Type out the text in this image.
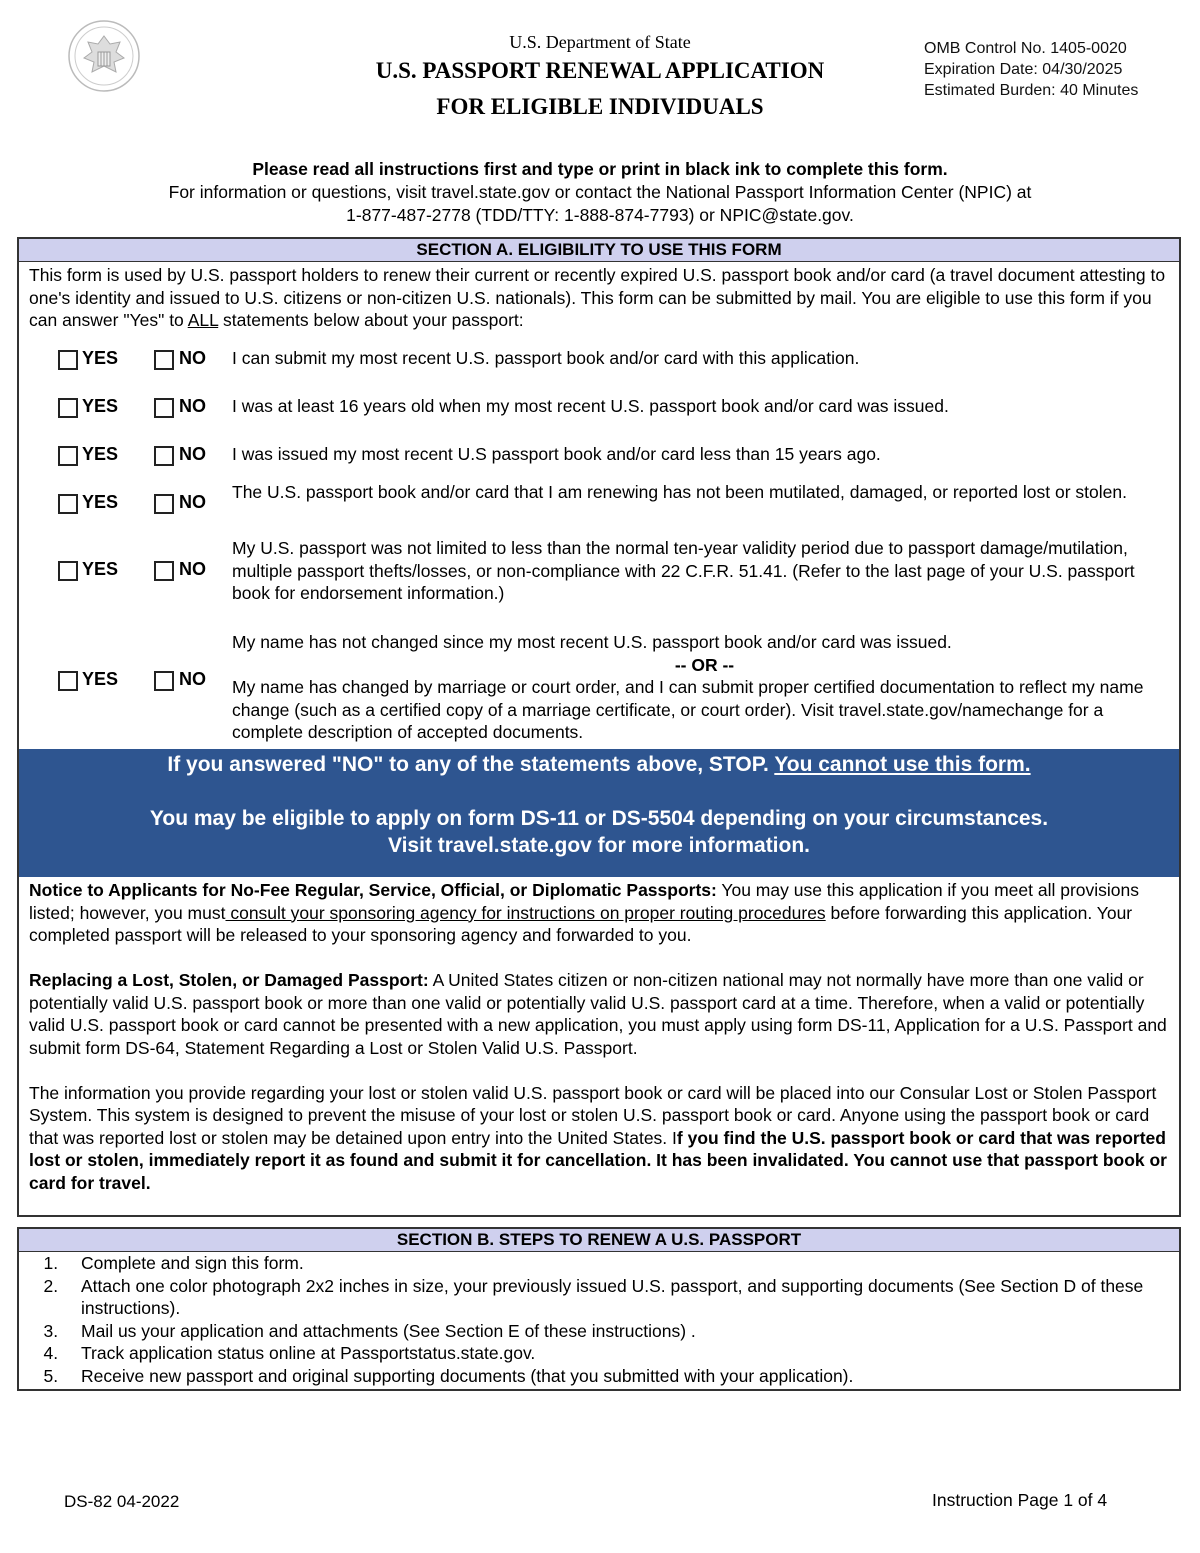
U.S. Department of State
U.S. PASSPORT RENEWAL APPLICATION
FOR ELIGIBLE INDIVIDUALS
OMB Control No. 1405-0020
Expiration Date: 04/30/2025
Estimated Burden: 40 Minutes
Please read all instructions first and type or print in black ink to complete this form.
For information or questions, visit travel.state.gov or contact the National Passport Information Center (NPIC) at
1-877-487-2778 (TDD/TTY: 1-888-874-7793) or NPIC@state.gov.
SECTION A. ELIGIBILITY TO USE THIS FORM
This form is used by U.S. passport holders to renew their current or recently expired U.S. passport book and/or card (a travel document attesting to one's identity and issued to U.S. citizens or non-citizen U.S. nationals). This form can be submitted by mail. You are eligible to use this form if you can answer "Yes" to ALL statements below about your passport:
YES	NO I can submit my most recent U.S. passport book and/or card with this application.
YES	NO I was at least 16 years old when my most recent U.S. passport book and/or card was issued.
YES	NO I was issued my most recent U.S passport book and/or card less than 15 years ago.
YES	NO The U.S. passport book and/or card that I am renewing has not been mutilated, damaged, or reported lost or stolen.
YES	NO
My U.S. passport was not limited to less than the normal ten-year validity period due to passport damage/mutilation, multiple passport thefts/losses, or non-compliance with 22 C.F.R. 51.41. (Refer to the last page of your U.S. passport book for endorsement information.)
YES	NO
My name has not changed since my most recent U.S. passport book and/or card was issued.
-- OR --
My name has changed by marriage or court order, and I can submit proper certified documentation to reflect my name change (such as a certified copy of a marriage certificate, or court order). Visit travel.state.gov/namechange for a complete description of accepted documents.
If you answered "NO" to any of the statements above, STOP. You cannot use this form.
You may be eligible to apply on form DS-11 or DS-5504 depending on your circumstances.
Visit travel.state.gov for more information.

Notice to Applicants for No-Fee Regular, Service, Official, or Diplomatic Passports: You may use this application if you meet all provisions listed; however, you must consult your sponsoring agency for instructions on proper routing procedures before forwarding this application. Your completed passport will be released to your sponsoring agency and forwarded to you.

Replacing a Lost, Stolen, or Damaged Passport: A United States citizen or non-citizen national may not normally have more than one valid or potentially valid U.S. passport book or more than one valid or potentially valid U.S. passport card at a time. Therefore, when a valid or potentially valid U.S. passport book or card cannot be presented with a new application, you must apply using form DS-11, Application for a U.S. Passport and submit form DS-64, Statement Regarding a Lost or Stolen Valid U.S. Passport.

The information you provide regarding your lost or stolen valid U.S. passport book or card will be placed into our Consular Lost or Stolen Passport System. This system is designed to prevent the misuse of your lost or stolen U.S. passport book or card. Anyone using the passport book or card that was reported lost or stolen may be detained upon entry into the United States. If you find the U.S. passport book or card that was reported lost or stolen, immediately report it as found and submit it for cancellation. It has been invalidated. You cannot use that passport book or card for travel.

SECTION B. STEPS TO RENEW A U.S. PASSPORT
1. Complete and sign this form.
2. Attach one color photograph 2x2 inches in size, your previously issued U.S. passport, and supporting documents (See Section D of these instructions).
3. Mail us your application and attachments (See Section E of these instructions) .
4. Track application status online at Passportstatus.state.gov.
5. Receive new passport and original supporting documents (that you submitted with your application).
DS-82 04-2022	Instruction Page 1 of 4
